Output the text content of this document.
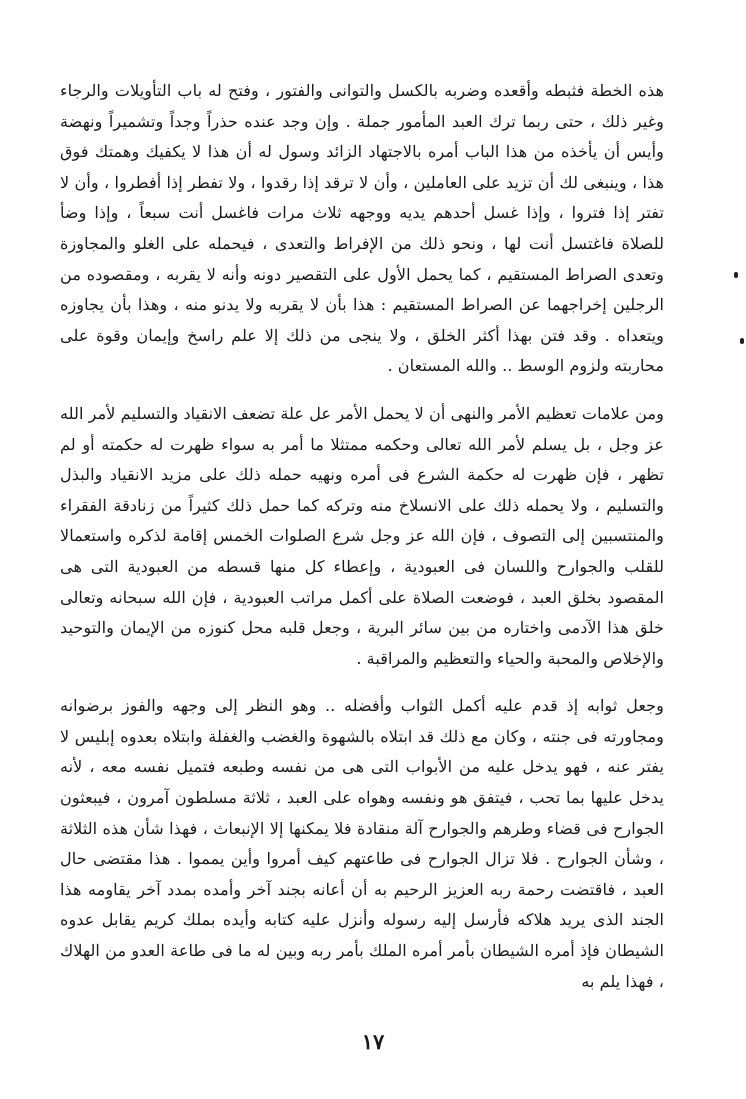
هذه الخطة فثبطه وأقعده وضربه بالكسل والتوانى والفتور ، وفتح له باب التأويلات والرجاء وغير ذلك ، حتى ربما ترك العبد المأمور جملة . وإن وجد عنده حذراً وجداً وتشميراً ونهضة وأيس أن يأخذه من هذا الباب أمره بالاجتهاد الزائد وسول له أن هذا لا يكفيك وهمتك فوق هذا ، وينبغى لك أن تزيد على العاملين ، وأن لا ترقد إذا رقدوا ، ولا تفطر إذا أفطروا ، وأن لا تفتر إذا فتروا ، وإذا غسل أحدهم يديه ووجهه ثلاث مرات فاغسل أنت سبعاً ، وإذا وضأ للصلاة فاغتسل أنت لها ، ونحو ذلك من الإفراط والتعدى ، فيحمله على الغلو والمجاوزة وتعدى الصراط المستقيم ، كما يحمل الأول على التقصير دونه وأنه لا يقربه ، ومقصوده من الرجلين إخراجهما عن الصراط المستقيم : هذا بأن لا يقربه ولا يدنو منه ، وهذا بأن يجاوزه ويتعداه . وقد فتن بهذا أكثر الخلق ، ولا ينجى من ذلك إلا علم راسخ وإيمان وقوة على محاربته ولزوم الوسط .. والله المستعان .

ومن علامات تعظيم الأمر والنهى أن لا يحمل الأمر عل علة تضعف الانقياد والتسليم لأمر الله عز وجل ، بل يسلم لأمر الله تعالى وحكمه ممتثلا ما أمر به سواء ظهرت له حكمته أو لم تظهر ، فإن ظهرت له حكمة الشرع فى أمره ونهيه حمله ذلك على مزيد الانقياد والبذل والتسليم ، ولا يحمله ذلك على الانسلاخ منه وتركه كما حمل ذلك كثيراً من زنادقة الفقراء والمنتسبين إلى التصوف ، فإن الله عز وجل شرع الصلوات الخمس إقامة لذكره واستعمالا للقلب والجوارح واللسان فى العبودية ، وإعطاء كل منها قسطه من العبودية التى هى المقصود بخلق العبد ، فوضعت الصلاة على أكمل مراتب العبودية ، فإن الله سبحانه وتعالى خلق هذا الآدمى واختاره من بين سائر البرية ، وجعل قلبه محل كنوزه من الإيمان والتوحيد والإخلاص والمحبة والحياء والتعظيم والمراقبة .

وجعل ثوابه إذ قدم عليه أكمل الثواب وأفضله .. وهو النظر إلى وجهه والفوز برضوانه ومجاورته فى جنته ، وكان مع ذلك قد ابتلاه بالشهوة والغضب والغفلة وابتلاه بعدوه إبليس لا يفتر عنه ، فهو يدخل عليه من الأبواب التى هى من نفسه وطبعه فتميل نفسه معه ، لأنه يدخل عليها بما تحب ، فيتفق هو ونفسه وهواه على العبد ، ثلاثة مسلطون آمرون ، فيبعثون الجوارح فى قضاء وطرهم والجوارح آلة منقادة فلا يمكنها إلا الإنبعاث ، فهذا شأن هذه الثلاثة ، وشأن الجوارح . فلا تزال الجوارح فى طاعتهم كيف أمروا وأين يمموا . هذا مقتضى حال العبد ، فاقتضت رحمة ربه العزيز الرحيم به أن أعانه بجند آخر وأمده بمدد آخر يقاومه هذا الجند الذى يريد هلاكه فأرسل إليه رسوله وأنزل عليه كتابه وأيده بملك كريم يقابل عدوه الشيطان فإذ أمره الشيطان بأمر أمره الملك بأمر ربه وبين له ما فى طاعة العدو من الهلاك ، فهذا يلم به

١٧
